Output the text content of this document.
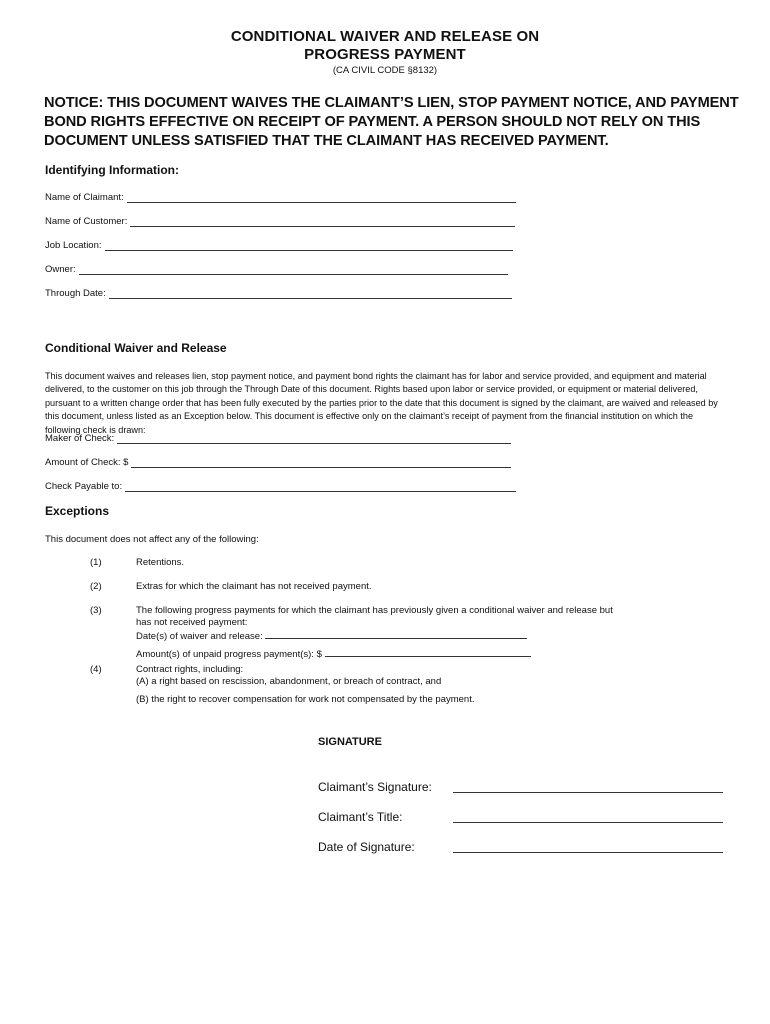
CONDITIONAL WAIVER AND RELEASE ON
PROGRESS PAYMENT
(CA CIVIL CODE §8132)
NOTICE: THIS DOCUMENT WAIVES THE CLAIMANT’S LIEN, STOP PAYMENT NOTICE, AND PAYMENT BOND RIGHTS EFFECTIVE ON RECEIPT OF PAYMENT. A PERSON SHOULD NOT RELY ON THIS DOCUMENT UNLESS SATISFIED THAT THE CLAIMANT HAS RECEIVED PAYMENT.
Identifying Information:
Name of Claimant:
Name of Customer:
Job Location:
Owner:
Through Date:
Conditional Waiver and Release
This document waives and releases lien, stop payment notice, and payment bond rights the claimant has for labor and service provided, and equipment and material delivered, to the customer on this job through the Through Date of this document. Rights based upon labor or service provided, or equipment or material delivered, pursuant to a written change order that has been fully executed by the parties prior to the date that this document is signed by the claimant, are waived and released by this document, unless listed as an Exception below. This document is effective only on the claimant’s receipt of payment from the financial institution on which the following check is drawn:
Maker of Check:
Amount of Check: $
Check Payable to:
Exceptions
This document does not affect any of the following:
(1)	Retentions.
(2)	Extras for which the claimant has not received payment.
(3)	The following progress payments for which the claimant has previously given a conditional waiver and release but has not received payment:
Date(s) of waiver and release:
Amount(s) of unpaid progress payment(s): $
(4)	Contract rights, including:
(A) a right based on rescission, abandonment, or breach of contract, and
(B) the right to recover compensation for work not compensated by the payment.
SIGNATURE
Claimant’s Signature:
Claimant’s Title:
Date of Signature:
